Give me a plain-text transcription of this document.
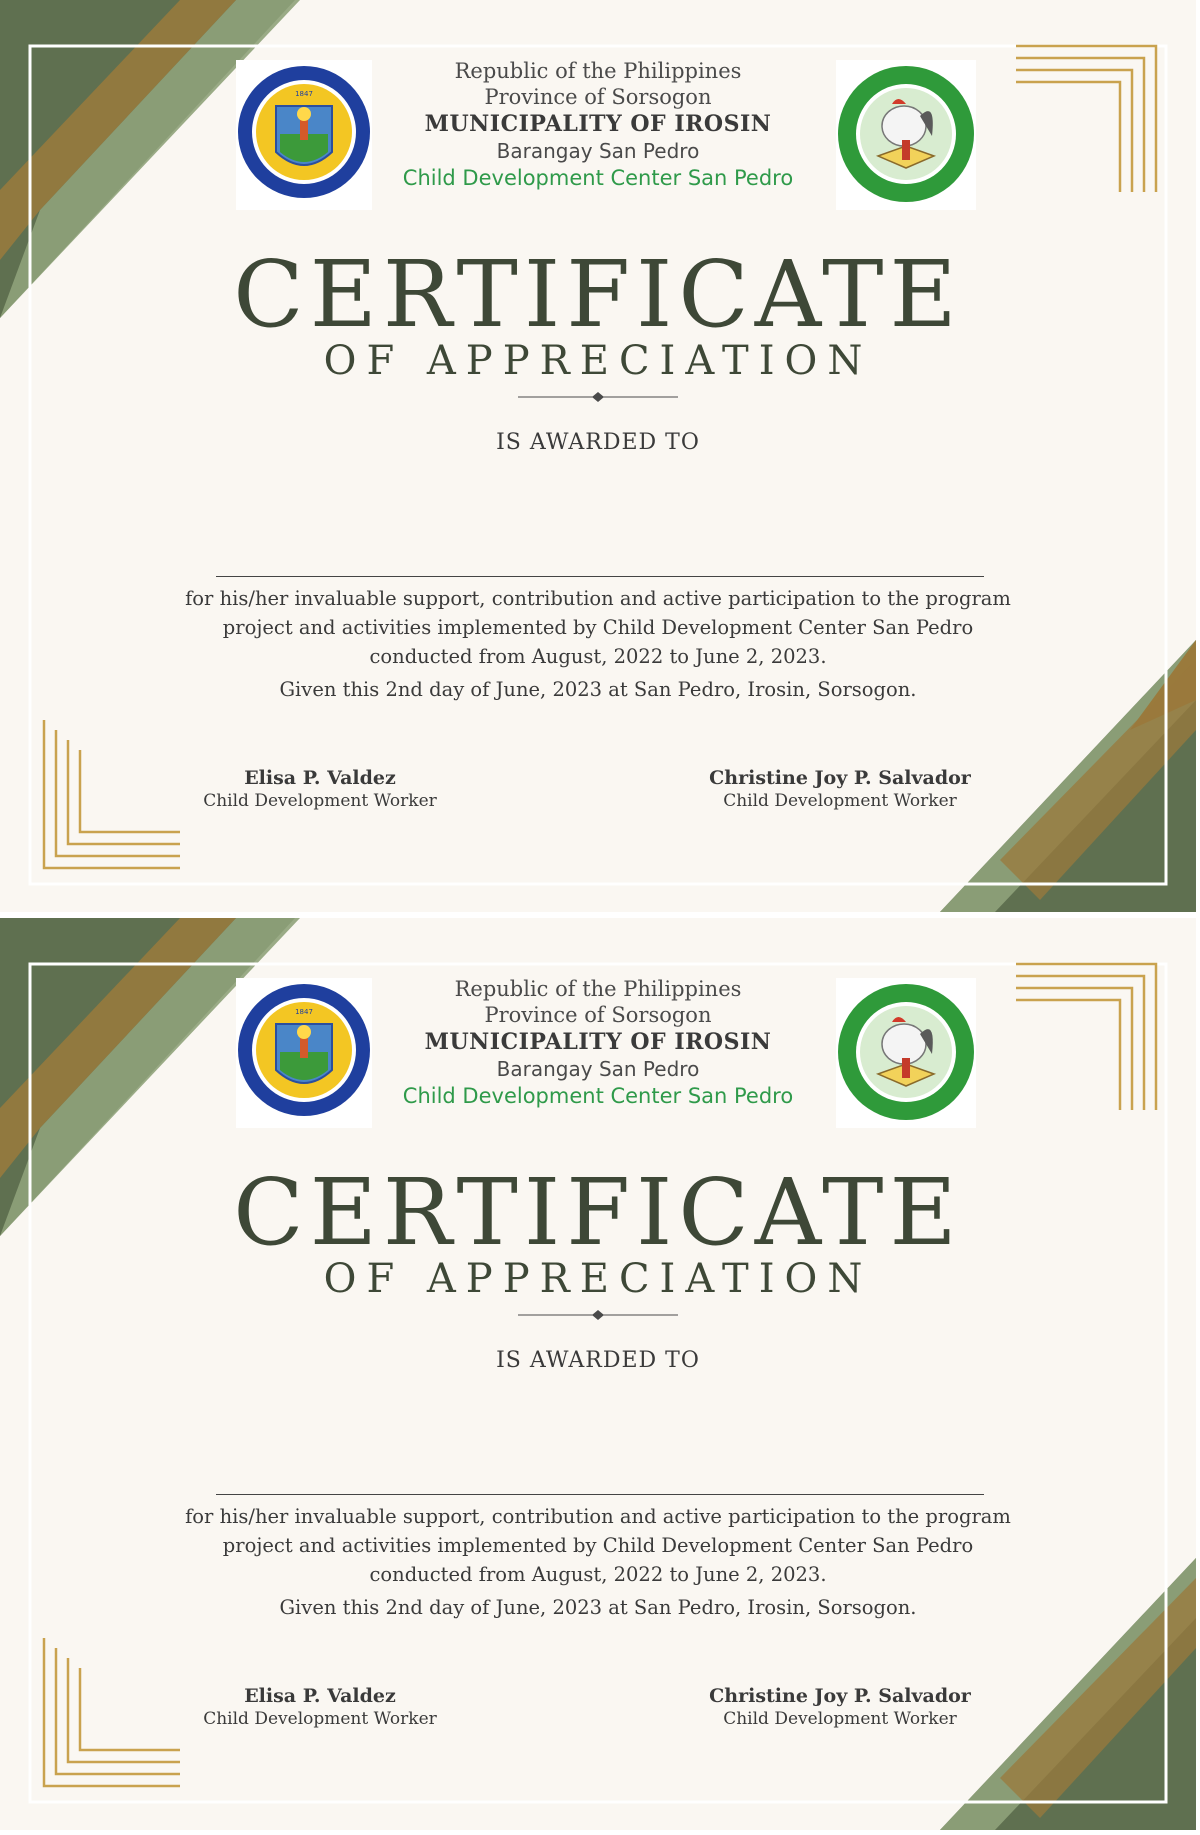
1847
Republic of the Philippines
Province of Sorsogon
MUNICIPALITY OF IROSIN
Barangay San Pedro
Child Development Center San Pedro
CERTIFICATE
OF APPRECIATION
IS AWARDED TO
for his/her invaluable support, contribution and active participation to the program
project and activities implemented by Child Development Center San Pedro
conducted from August, 2022 to June 2, 2023.
Given this 2nd day of June, 2023 at San Pedro, Irosin, Sorsogon.
Elisa P. Valdez
Child Development Worker
Christine Joy P. Salvador
Child Development Worker
1847
Republic of the Philippines
Province of Sorsogon
MUNICIPALITY OF IROSIN
Barangay San Pedro
Child Development Center San Pedro
CERTIFICATE
OF APPRECIATION
IS AWARDED TO
for his/her invaluable support, contribution and active participation to the program
project and activities implemented by Child Development Center San Pedro
conducted from August, 2022 to June 2, 2023.
Given this 2nd day of June, 2023 at San Pedro, Irosin, Sorsogon.
Elisa P. Valdez
Child Development Worker
Christine Joy P. Salvador
Child Development Worker
